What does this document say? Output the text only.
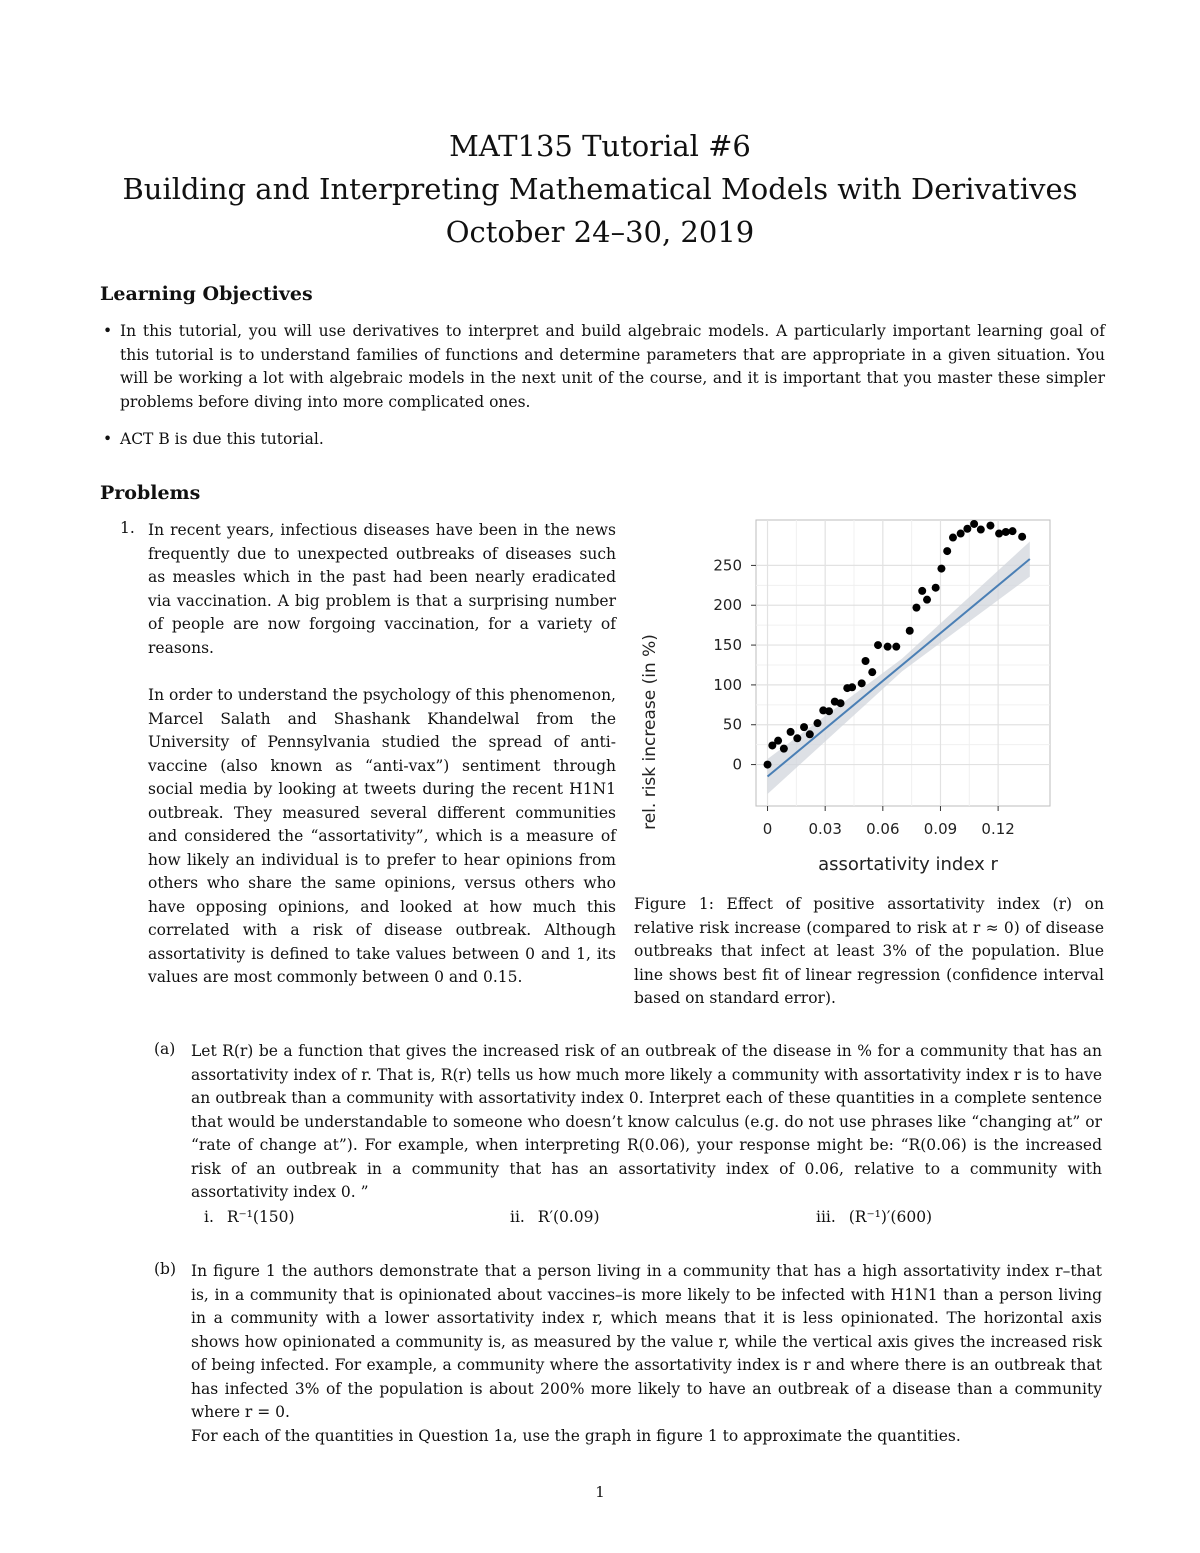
MAT135 Tutorial #6
Building and Interpreting Mathematical Models with Derivatives
October 24–30, 2019
Learning Objectives
• In this tutorial, you will use derivatives to interpret and build algebraic models. A particularly important learning goal of this tutorial is to understand families of functions and determine parameters that are appropriate in a given situation. You will be working a lot with algebraic models in the next unit of the course, and it is important that you master these simpler problems before diving into more complicated ones.
• ACT B is due this tutorial.
Problems
1. In recent years, infectious diseases have been in the news frequently due to unexpected outbreaks of diseases such as measles which in the past had been nearly eradicated via vaccination. A big problem is that a surprising number of people are now forgoing vaccination, for a variety of reasons.
In order to understand the psychology of this phenomenon, Marcel Salath and Shashank Khandelwal from the University of Pennsylvania studied the spread of anti-vaccine (also known as “anti-vax”) sentiment through social media by looking at tweets during the recent H1N1 outbreak. They measured several different communities and considered the “assortativity”, which is a measure of how likely an individual is to prefer to hear opinions from others who share the same opinions, versus others who have opposing opinions, and looked at how much this correlated with a risk of disease outbreak. Although assortativity is defined to take values between 0 and 1, its values are most commonly between 0 and 0.15.
rel. risk increase (in %)	0 0.03 0.06 0.09 0.12
0
50
100
150
200
250
assortativity index r
Figure 1: Effect of positive assortativity index (r) on relative risk increase (compared to risk at r ≈ 0) of disease outbreaks that infect at least 3% of the population. Blue line shows best fit of linear regression (confidence interval based on standard error).
(a) Let R(r) be a function that gives the increased risk of an outbreak of the disease in % for a community that has an assortativity index of r. That is, R(r) tells us how much more likely a community with assortativity index r is to have an outbreak than a community with assortativity index 0. Interpret each of these quantities in a complete sentence that would be understandable to someone who doesn’t know calculus (e.g. do not use phrases like “changing at” or “rate of change at”). For example, when interpreting R(0.06), your response might be: “R(0.06) is the increased risk of an outbreak in a community that has an assortativity index of 0.06, relative to a community with assortativity index 0. ”
i. R⁻¹(150)	ii. R′(0.09)	iii. (R⁻¹)′(600)
(b) In figure 1 the authors demonstrate that a person living in a community that has a high assortativity index r–that is, in a community that is opinionated about vaccines–is more likely to be infected with H1N1 than a person living in a community with a lower assortativity index r, which means that it is less opinionated. The horizontal axis shows how opinionated a community is, as measured by the value r, while the vertical axis gives the increased risk of being infected. For example, a community where the assortativity index is r and where there is an outbreak that has infected 3% of the population is about 200% more likely to have an outbreak of a disease than a community where r = 0.
For each of the quantities in Question 1a, use the graph in figure 1 to approximate the quantities.
1
